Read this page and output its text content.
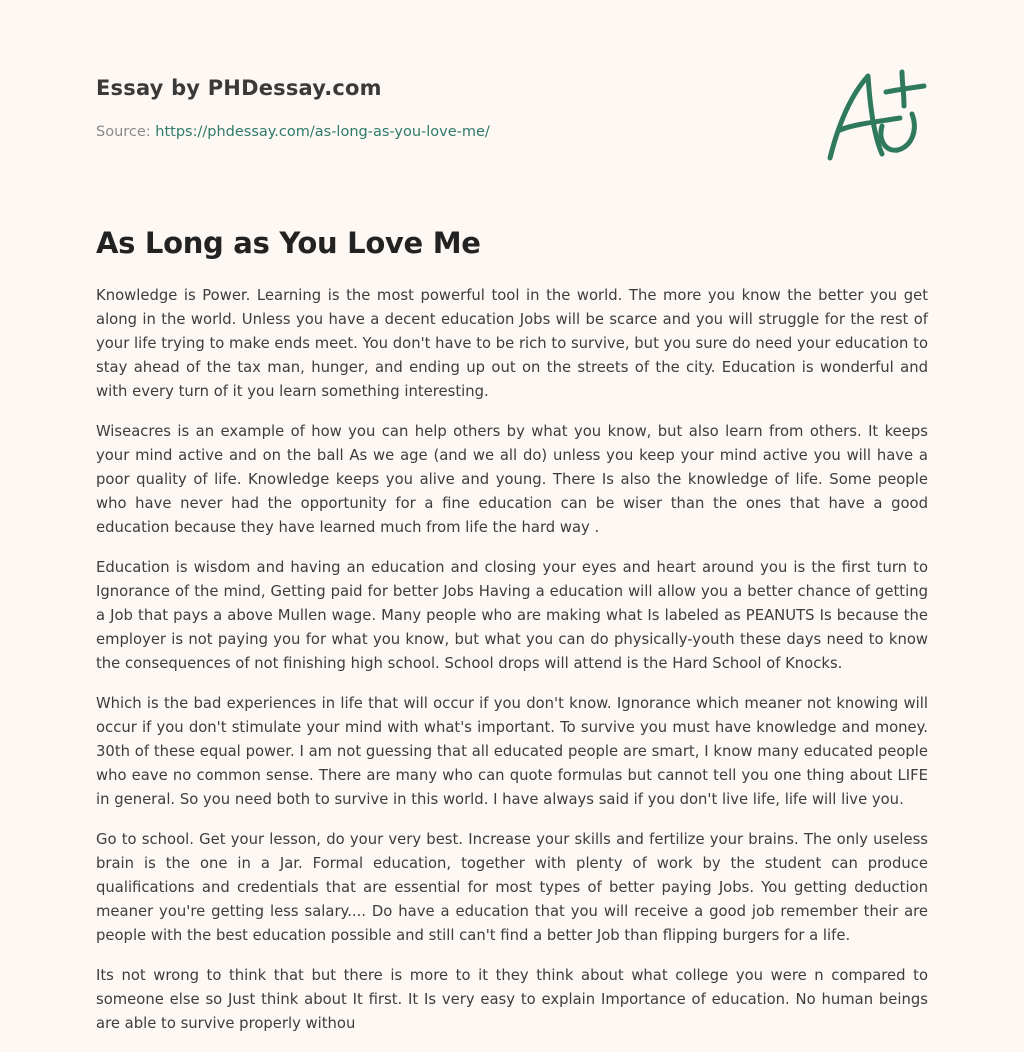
Essay by PHDessay.com
Source: https://phdessay.com/as-long-as-you-love-me/
As Long as You Love Me

Knowledge is Power. Learning is the most powerful tool in the world. The more you know the better you get along in the world. Unless you have a decent education Jobs will be scarce and you will struggle for the rest of your life trying to make ends meet. You don't have to be rich to survive, but you sure do need your education to stay ahead of the tax man, hunger, and ending up out on the streets of the city. Education is wonderful and with every turn of it you learn something interesting.

Wiseacres is an example of how you can help others by what you know, but also learn from others. It keeps your mind active and on the ball As we age (and we all do) unless you keep your mind active you will have a poor quality of life. Knowledge keeps you alive and young. There Is also the knowledge of life. Some people who have never had the opportunity for a fine education can be wiser than the ones that have a good education because they have learned much from life the hard way .

Education is wisdom and having an education and closing your eyes and heart around you is the first turn to Ignorance of the mind, Getting paid for better Jobs Having a education will allow you a better chance of getting a Job that pays a above Mullen wage. Many people who are making what Is labeled as PEANUTS Is because the employer is not paying you for what you know, but what you can do physically-youth these days need to know the consequences of not finishing high school. School drops will attend is the Hard School of Knocks.

Which is the bad experiences in life that will occur if you don't know. Ignorance which meaner not knowing will occur if you don't stimulate your mind with what's important. To survive you must have knowledge and money. 30th of these equal power. I am not guessing that all educated people are smart, I know many educated people who eave no common sense. There are many who can quote formulas but cannot tell you one thing about LIFE in general. So you need both to survive in this world. I have always said if you don't live life, life will live you.

Go to school. Get your lesson, do your very best. Increase your skills and fertilize your brains. The only useless brain is the one in a Jar. Formal education, together with plenty of work by the student can produce qualifications and credentials that are essential for most types of better paying Jobs. You getting deduction meaner you're getting less salary.... Do have a education that you will receive a good job remember their are people with the best education possible and still can't find a better Job than flipping burgers for a life.

Its not wrong to think that but there is more to it they think about what college you were n compared to someone else so Just think about It first. It Is very easy to explain Importance of education. No human beings are able to survive properly withou
